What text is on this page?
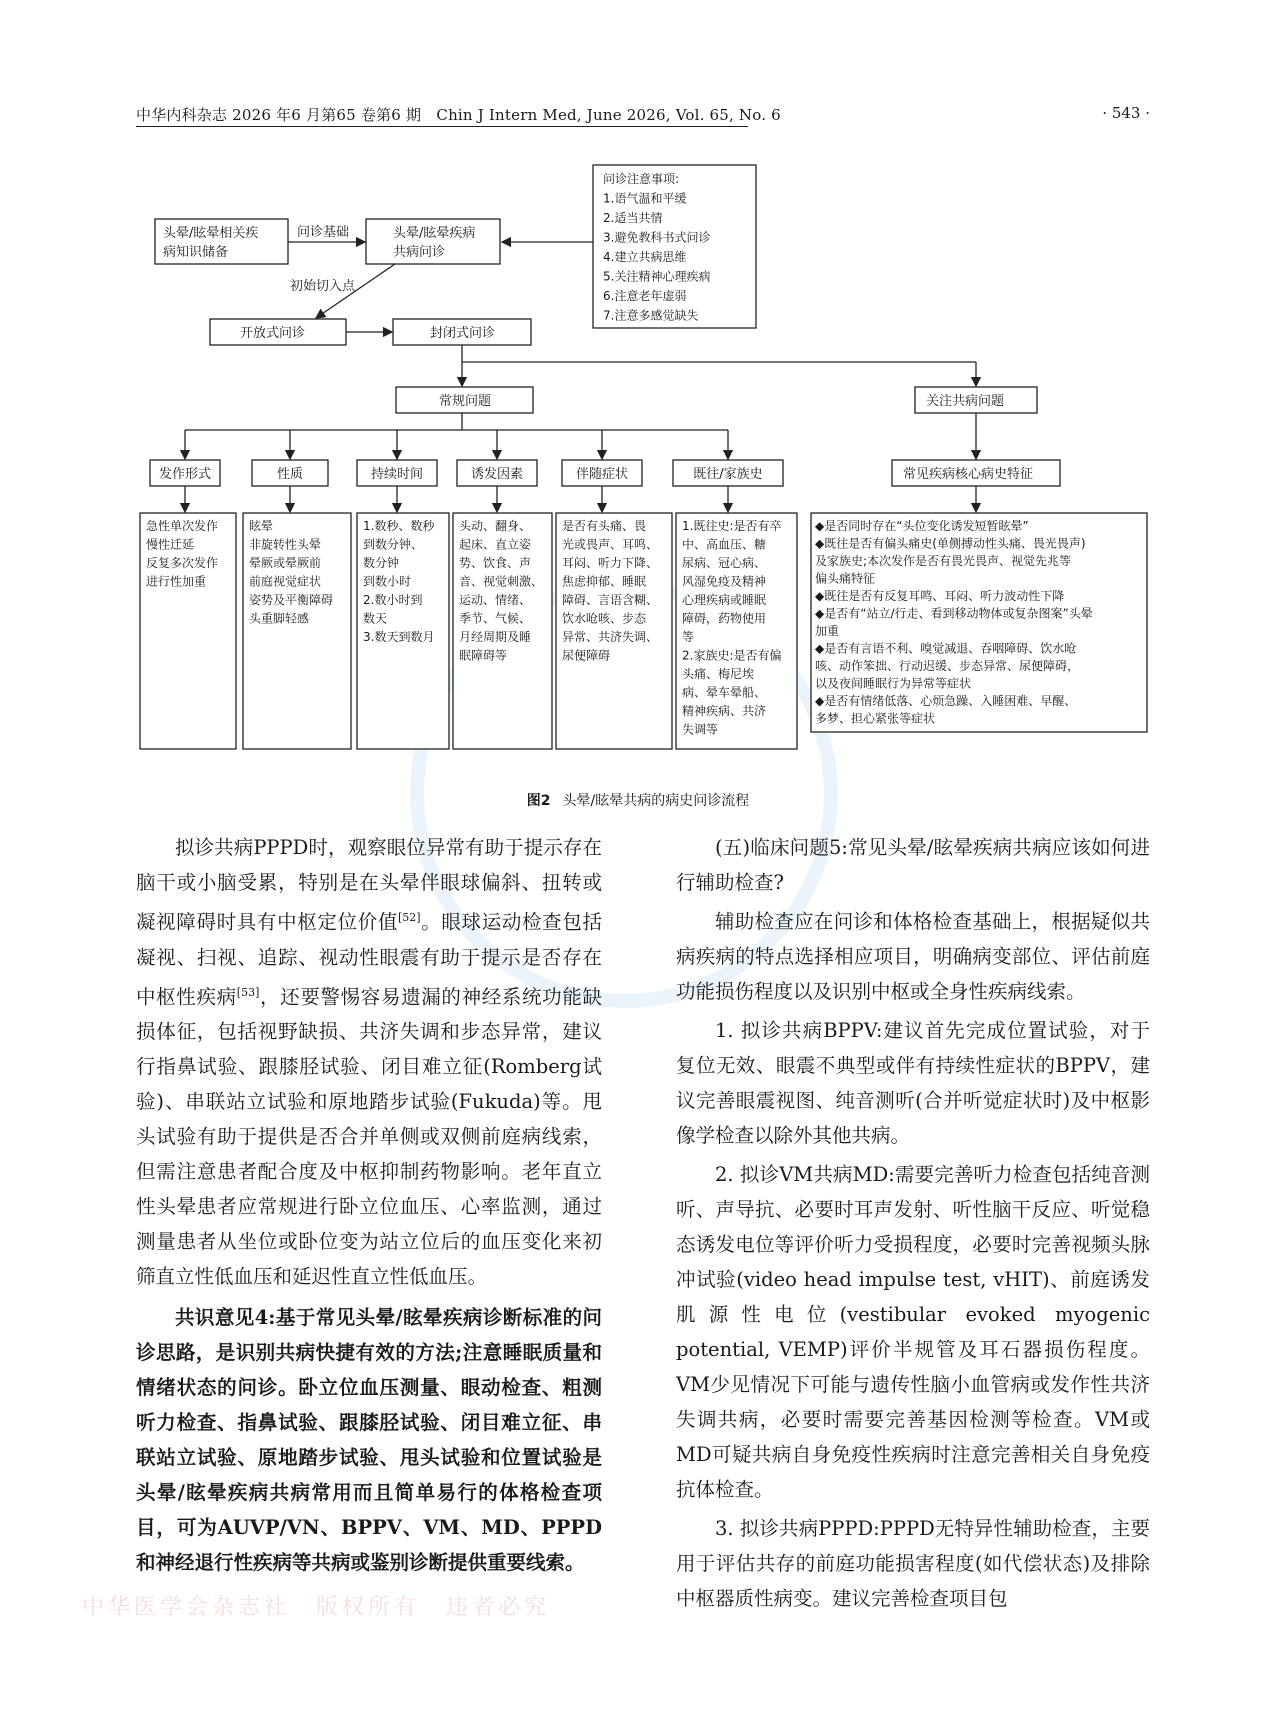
中华内科杂志 2026 年6 月第65 卷第6 期　Chin J Intern Med, June 2026, Vol. 65, No. 6	· 543 ·
头晕/眩晕相关疾
病知识储备
问诊基础	头晕/眩晕疾病
共病问诊
问诊注意事项:
1.语气温和平缓
2.适当共情
3.避免教科书式问诊
4.建立共病思维
5.关注精神心理疾病
6.注意老年虚弱
7.注意多感觉缺失
初始切入点
开放式问诊	封闭式问诊
常规问题	关注共病问题
发作形式	性质	持续时间	诱发因素	伴随症状	既往/家族史	常见疾病核心病史特征
急性单次发作
慢性迁延
反复多次发作
进行性加重
眩晕
非旋转性头晕
晕厥或晕厥前
前庭视觉症状
姿势及平衡障碍
头重脚轻感
1.数秒、数秒
到数分钟、
数分钟
到数小时
2.数小时到
数天
3.数天到数月
头动、翻身、
起床、直立姿
势、饮食、声
音、视觉刺激、
运动、情绪、
季节、气候、
月经周期及睡
眠障碍等
是否有头痛、畏
光或畏声、耳鸣、
耳闷、听力下降、
焦虑抑郁、睡眠
障碍、言语含糊、
饮水呛咳、步态
异常、共济失调、
尿便障碍
1.既往史:是否有卒
中、高血压、糖
尿病、冠心病、
风湿免疫及精神
心理疾病或睡眠
障碍，药物使用
等
2.家族史:是否有偏
头痛、梅尼埃
病、晕车晕船、
精神疾病、共济
失调等
◆是否同时存在“头位变化诱发短暂眩晕”
◆既往是否有偏头痛史(单侧搏动性头痛、畏光畏声)
及家族史;本次发作是否有畏光畏声、视觉先兆等
偏头痛特征
◆既往是否有反复耳鸣、耳闷、听力波动性下降
◆是否有“站立/行走、看到移动物体或复杂图案”头晕
加重
◆是否有言语不利、嗅觉减退、吞咽障碍、饮水呛
咳、动作笨拙、行动迟缓、步态异常、尿便障碍，
以及夜间睡眠行为异常等症状
◆是否有情绪低落、心烦急躁、入睡困难、早醒、
多梦、担心紧张等症状
图2 头晕/眩晕共病的病史问诊流程

拟诊共病PPPD时，观察眼位异常有助于提示存在脑干或小脑受累，特别是在头晕伴眼球偏斜、扭转或凝视障碍时具有中枢定位价值[52]。眼球运动检查包括凝视、扫视、追踪、视动性眼震有助于提示是否存在中枢性疾病[53]，还要警惕容易遗漏的神经系统功能缺损体征，包括视野缺损、共济失调和步态异常，建议行指鼻试验、跟膝胫试验、闭目难立征(Romberg试验)、串联站立试验和原地踏步试验(Fukuda)等。甩头试验有助于提供是否合并单侧或双侧前庭病线索，但需注意患者配合度及中枢抑制药物影响。老年直立性头晕患者应常规进行卧立位血压、心率监测，通过测量患者从坐位或卧位变为站立位后的血压变化来初筛直立性低血压和延迟性直立性低血压。

共识意见4:基于常见头晕/眩晕疾病诊断标准的问诊思路，是识别共病快捷有效的方法;注意睡眠质量和情绪状态的问诊。卧立位血压测量、眼动检查、粗测听力检查、指鼻试验、跟膝胫试验、闭目难立征、串联站立试验、原地踏步试验、甩头试验和位置试验是头晕/眩晕疾病共病常用而且简单易行的体格检查项目，可为AUVP/VN、BPPV、VM、MD、PPPD和神经退行性疾病等共病或鉴别诊断提供重要线索。

(五)临床问题5:常见头晕/眩晕疾病共病应该如何进行辅助检查?

辅助检查应在问诊和体格检查基础上，根据疑似共病疾病的特点选择相应项目，明确病变部位、评估前庭功能损伤程度以及识别中枢或全身性疾病线索。

1. 拟诊共病BPPV:建议首先完成位置试验，对于复位无效、眼震不典型或伴有持续性症状的BPPV，建议完善眼震视图、纯音测听(合并听觉症状时)及中枢影像学检查以除外其他共病。

2. 拟诊VM共病MD:需要完善听力检查包括纯音测听、声导抗、必要时耳声发射、听性脑干反应、听觉稳态诱发电位等评价听力受损程度，必要时完善视频头脉冲试验(video head impulse test, vHIT)、前庭诱发肌源性电位(vestibular evoked myogenic potential, VEMP)评价半规管及耳石器损伤程度。VM少见情况下可能与遗传性脑小血管病或发作性共济失调共病，必要时需要完善基因检测等检查。VM或MD可疑共病自身免疫性疾病时注意完善相关自身免疫抗体检查。

3. 拟诊共病PPPD:PPPD无特异性辅助检查，主要用于评估共存的前庭功能损害程度(如代偿状态)及排除中枢器质性病变。建议完善检查项目包

中华医学会杂志社　版权所有　违者必究
